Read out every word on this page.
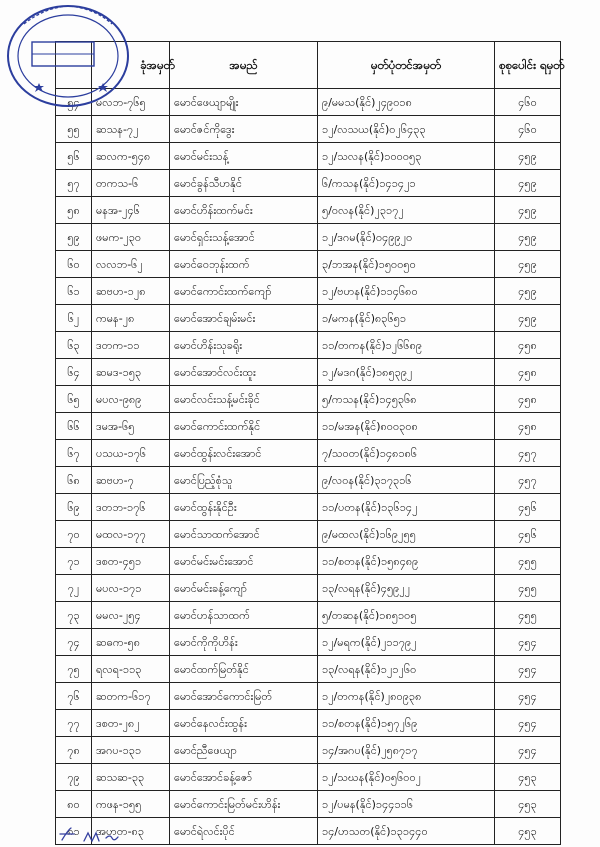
	ခုံအမှတ်	အမည်	မှတ်ပုံတင်အမှတ်	စုစုပေါင်း ရမှတ်
၅၄	မလဘ-၇၆၅	မောင်ဖေယျာမျိုး	၉/မမသ(နိုင်)၂၄၉၀၁၈	၄၆၀
၅၅	ဆသန-၇၂	မောင်ဇင်ကိုဒွေး	၁၂/လသယ(နိုင်)၀၂၆၄၃၃	၄၆၀
၅၆	ဆလက-၅၄၈	မောင်မင်းသန့်	၁၂/သလန(နိုင်)၁၀၀၀၅၃	၄၅၉
၅၇	တကသ-၆	မောင်ခွန်သီဟနိုင်	၆/ကသန(နိုင်)၁၄၁၄၂၁	၄၅၉
၅၈	မနအ-၂၄၆	မောင်ဟိန်းထက်မင်း	၅/၀လန(နိုင်)၂၃၁၇၂	၄၅၉
၅၉	ဖမက-၂၃၀	မောင်ရှင်းသန့်အောင်	၁၂/ဒဂမ(နိုင်)၀၄၉၉၂၀	၄၅၉
၆၀	လလဘ-၆၂	မောင်ဝေဘုန်းထက်	၃/ဘအန(နိုင်)၁၅၀၀၅၀	၄၅၉
၆၁	ဆဗဟ-၁၂၈	မောင်ကောင်းထက်ကျော်	၁၂/ဗဟန(နိုင်)၁၁၄၆၈၀	၄၅၉
၆၂	ကမန-၂၈	မောင်အောင်ချမ်းမင်း	၁/မကန(နိုင်)၈၃၆၅၁	၄၅၉
၆၃	ဒတက-၁၁	မောင်ဟိန်းသုခရိုး	၁၁/တကန(နိုင်)၁၂၆၆၈၉	၄၅၈
၆၄	ဆမဒ-၁၅၃	မောင်အောင်လင်းထူး	၁၂/မဒဂ(နိုင်)၁၈၅၃၉၂	၄၅၈
၆၅	မပလ-၉၈၉	မောင်လင်းသန့်မင်းခိုင်	၅/ကသန(နိုင်)၁၄၅၃၆၈	၄၅၈
၆၆	ဒမအ-၆၅	မောင်ကောင်းထက်နိုင်	၁၁/မအန(နိုင်)၈၀၀၃၀၈	၄၅၈
၆၇	ပသယ-၁၇၆	မောင်ထွန်းလင်းအောင်	၇/သဝတ(နိုင်)၁၄၈၁၈၆	၄၅၇
၆၈	ဆဗဟ-၇	မောင်ပြည့်စုံသူ	၉/လဝန(နိုင်)၃၁၇၃၁၆	၄၅၇
၆၉	ဒတဘ-၁၇၆	မောင်ထွန်းနိုင်ဦး	၁၁/ပတန(နိုင်)၁၃၆၁၄၂	၄၅၆
၇၀	မထလ-၁၇၇	မောင်သာထက်အောင်	၉/မထလ(နိုင်)၁၆၉၂၅၅	၄၅၆
၇၁	ဒစတ-၄၅၁	မောင်မင်းမင်းအောင်	၁၁/စတန(နိုင်)၁၅၈၄၈၉	၄၅၅
၇၂	မပလ-၁၇၁	မောင်မင်းခန့်ကျော်	၁၃/လရန(နိုင်)၄၅၉၂၂	၄၅၅
၇၃	မမလ-၂၅၄	မောင်ဟန်သာထက်	၅/တဆန(နိုင်)၁၈၅၁၀၅	၄၅၅
၇၄	ဆဓက-၅၈	မောင်ကိုကိုဟိန်း	၁၂/မရက(နိုင်)၂၁၁၇၉၂	၄၅၄
၇၅	ရလရ-၁၁၃	မောင်ထက်မြတ်နိုင်	၁၃/လရန(နိုင်)၁၂၁၂၆၀	၄၅၄
၇၆	ဆတက-၆၁၇	မောင်အောင်ကောင်းမြတ်	၁၂/တကန(နိုင်)၂၈၀၉၃၈	၄၅၄
၇၇	ဒစတ-၂၈၂	မောင်နေလင်းထွန်း	၁၁/စတန(နိုင်)၁၅၇၂၆၉	၄၅၄
၇၈	အဂပ-၁၃၁	မောင်ညီဖေယျာ	၁၄/အဂပ(နိုင်)၂၅၈၇၁၇	၄၅၄
၇၉	ဆသဆ-၃၃	မောင်အောင်ခန့်ဇော်	၁၂/သဃန(နိုင်)၀၅၆၀၀၂	၄၅၃
၈၀	ကဖန-၁၅၅	မောင်ကောင်းမြတ်မင်းဟိန်း	၁၂/ပမန(နိုင်)၁၄၄၁၁၆	၄၅၃
၈၁	အဟတ-၈၃	မောင်ရဲလင်းပိုင်	၁၄/ဟသတ(နိုင်)၁၃၁၄၄၀	၄၅၃
